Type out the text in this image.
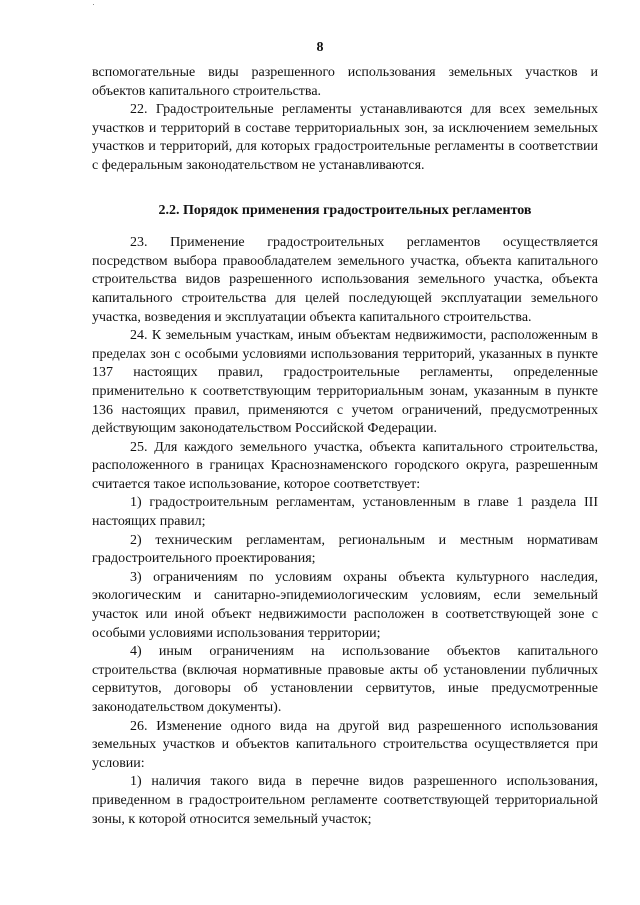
8

вспомогательные виды разрешенного использования земельных участков и объектов капитального строительства.

22. Градостроительные регламенты устанавливаются для всех земельных участков и территорий в составе территориальных зон, за исключением земельных участков и территорий, для которых градостроительные регламенты в соответствии с федеральным законодательством не устанавливаются.

2.2. Порядок применения градостроительных регламентов

23. Применение градостроительных регламентов осуществляется посредством выбора правообладателем земельного участка, объекта капитального строительства видов разрешенного использования земельного участка, объекта капитального строительства для целей последующей эксплуатации земельного участка, возведения и эксплуатации объекта капитального строительства.

24. К земельным участкам, иным объектам недвижимости, расположенным в пределах зон с особыми условиями использования территорий, указанных в пункте 137 настоящих правил, градостроительные регламенты, определенные применительно к соответствующим территориальным зонам, указанным в пункте 136 настоящих правил, применяются с учетом ограничений, предусмотренных действующим законодательством Российской Федерации.

25. Для каждого земельного участка, объекта капитального строительства, расположенного в границах Краснознаменского городского округа, разрешенным считается такое использование, которое соответствует:

1) градостроительным регламентам, установленным в главе 1 раздела III настоящих правил;

2) техническим регламентам, региональным и местным нормативам градостроительного проектирования;

3) ограничениям по условиям охраны объекта культурного наследия, экологическим и санитарно-эпидемиологическим условиям, если земельный участок или иной объект недвижимости расположен в соответствующей зоне с особыми условиями использования территории;

4) иным ограничениям на использование объектов капитального строительства (включая нормативные правовые акты об установлении публичных сервитутов, договоры об установлении сервитутов, иные предусмотренные законодательством документы).

26. Изменение одного вида на другой вид разрешенного использования земельных участков и объектов капитального строительства осуществляется при условии:

1) наличия такого вида в перечне видов разрешенного использования, приведенном в градостроительном регламенте соответствующей территориальной зоны, к которой относится земельный участок;
